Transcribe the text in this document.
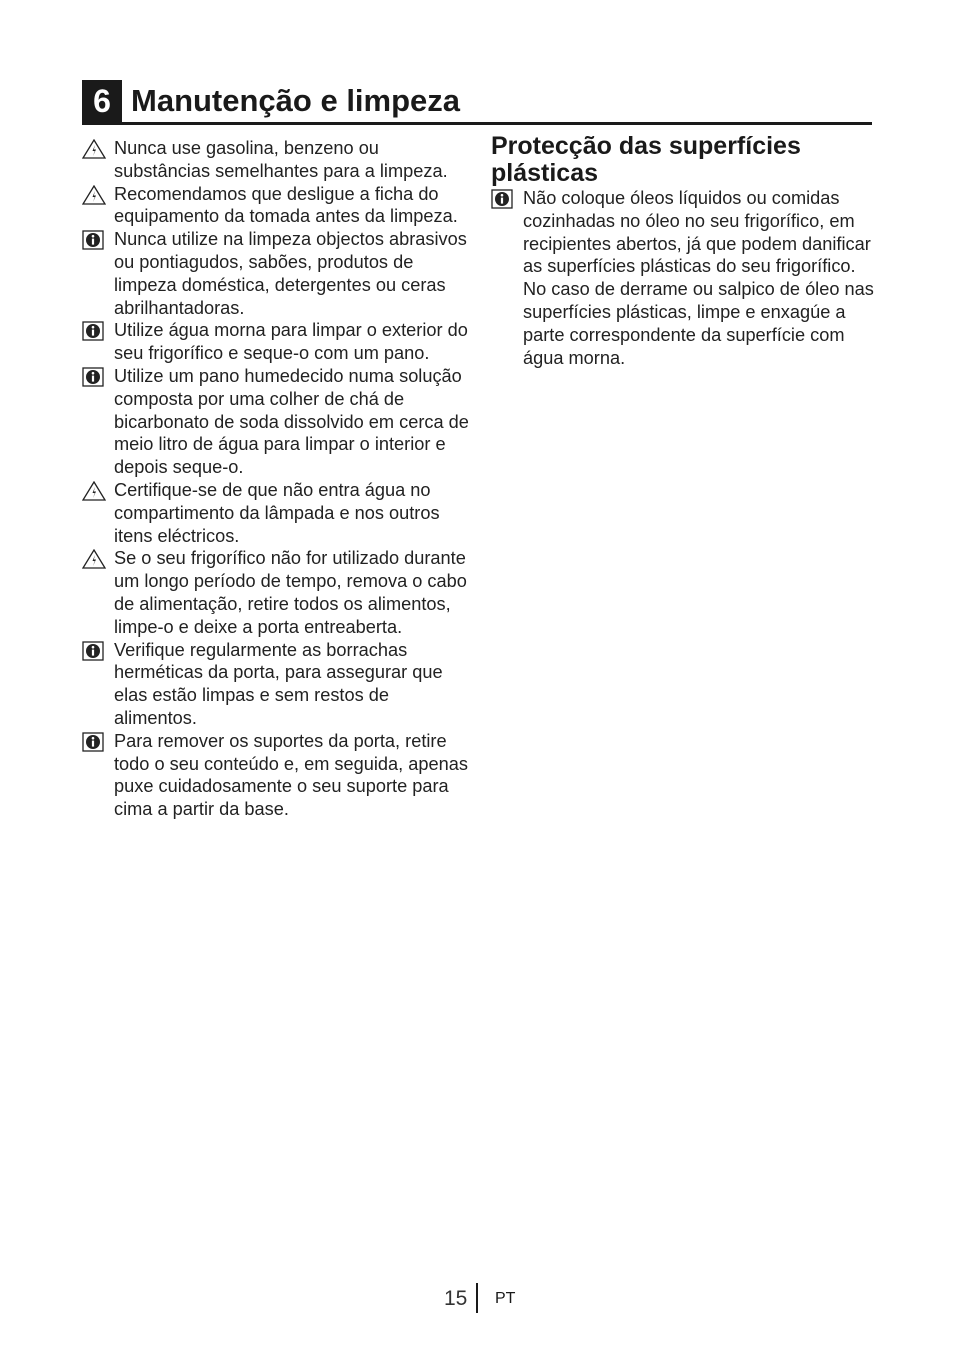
6 Manutenção e limpeza
Nunca use gasolina, benzeno ou substâncias semelhantes para a limpeza.
Recomendamos que desligue a ficha do equipamento da tomada antes da limpeza.
Nunca utilize na limpeza objectos abrasivos ou pontiagudos, sabões, produtos de limpeza doméstica, detergentes ou ceras abrilhantadoras.
Utilize água morna para limpar o exterior do seu frigorífico e seque-o com um pano.
Utilize um pano humedecido numa solução composta por uma colher de chá de bicarbonato de soda dissolvido em cerca de meio litro de água para limpar o interior e depois seque-o.
Certifique-se de que não entra água no compartimento da lâmpada e nos outros itens eléctricos.
Se o seu frigorífico não for utilizado durante um longo período de tempo, remova o cabo de alimentação, retire todos os alimentos, limpe-o e deixe a porta entreaberta.
Verifique regularmente as borrachas herméticas da porta, para assegurar que elas estão limpas e sem restos de alimentos.
Para remover os suportes da porta, retire todo o seu conteúdo e, em seguida, apenas puxe cuidadosamente o seu suporte para cima a partir da base.
Protecção das superfícies plásticas
Não coloque óleos líquidos ou comidas cozinhadas no óleo no seu frigorífico, em recipientes abertos, já que podem danificar as superfícies plásticas do seu frigorífico. No caso de derrame ou salpico de óleo nas superfícies plásticas, limpe e enxagúe a parte correspondente da superfície com água morna.
15 PT
